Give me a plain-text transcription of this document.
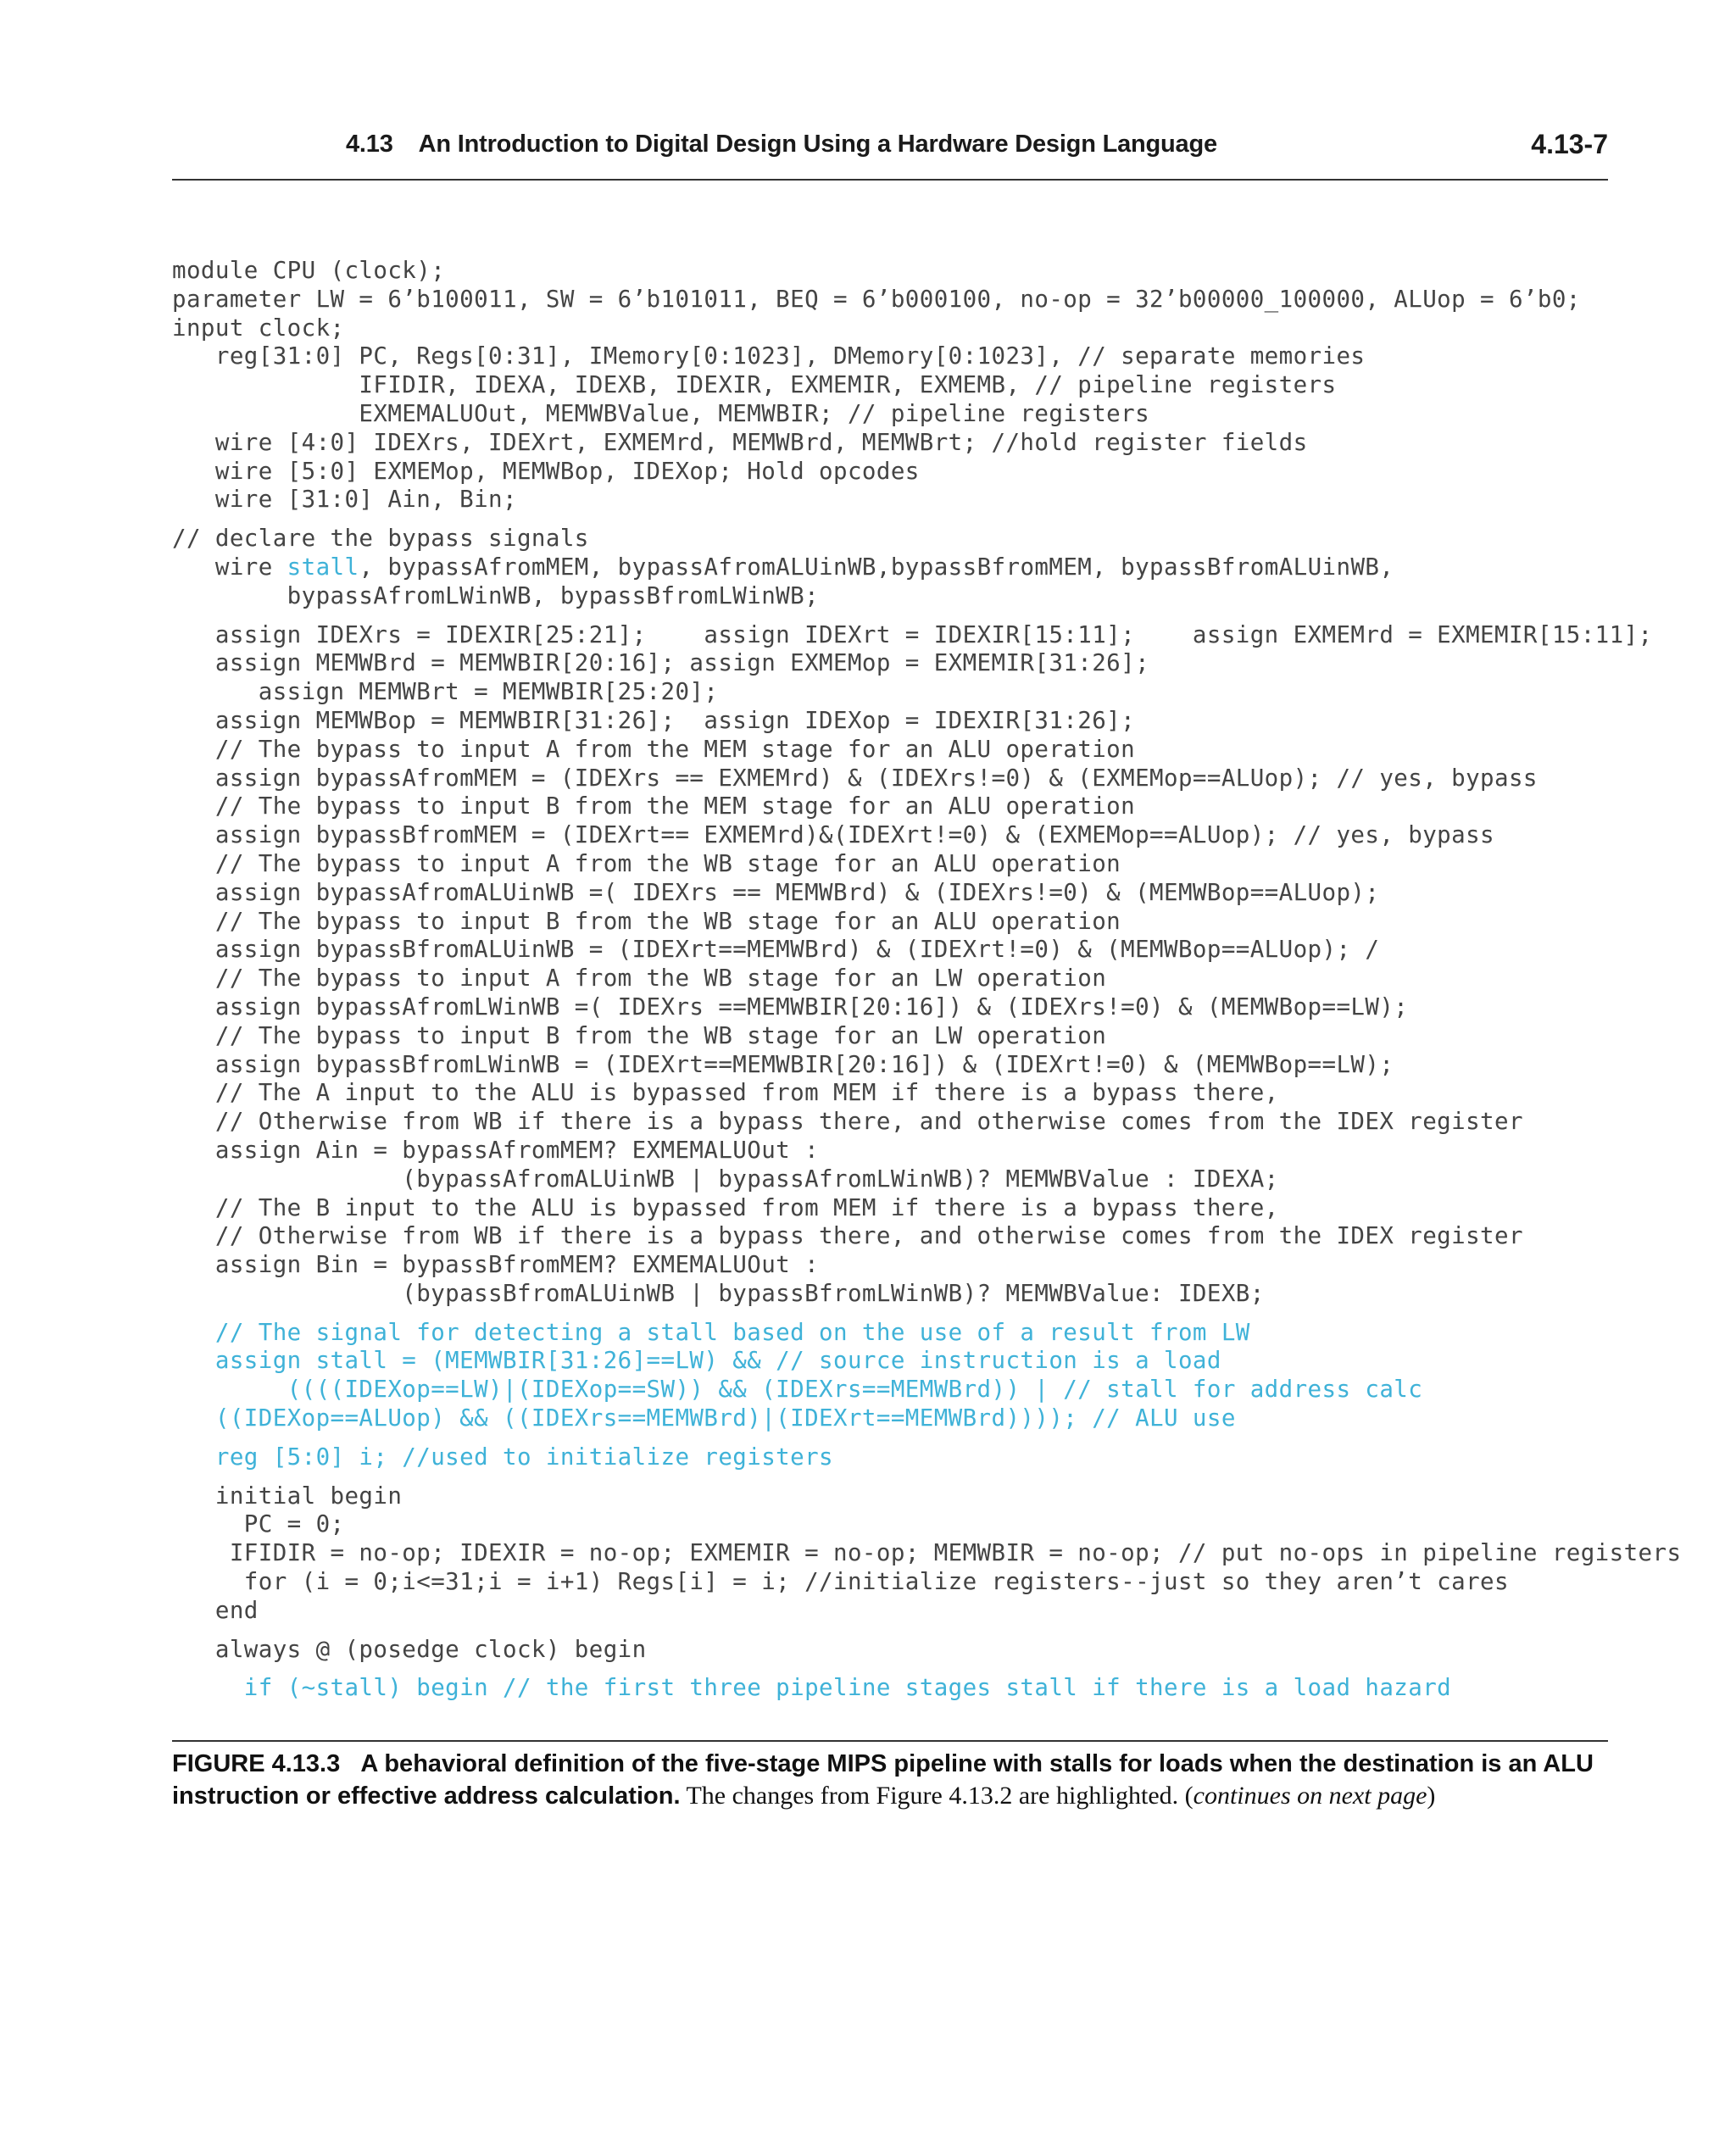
4.13 An Introduction to Digital Design Using a Hardware Design Language	4.13-7
module CPU (clock);
parameter LW = 6’b100011, SW = 6’b101011, BEQ = 6’b000100, no-op = 32’b00000_100000, ALUop = 6’b0;
input clock;
reg[31:0] PC, Regs[0:31], IMemory[0:1023], DMemory[0:1023], // separate memories
IFIDIR, IDEXA, IDEXB, IDEXIR, EXMEMIR, EXMEMB, // pipeline registers
EXMEMALUOut, MEMWBValue, MEMWBIR; // pipeline registers
wire [4:0] IDEXrs, IDEXrt, EXMEMrd, MEMWBrd, MEMWBrt; //hold register fields
wire [5:0] EXMEMop, MEMWBop, IDEXop; Hold opcodes
wire [31:0] Ain, Bin;
// declare the bypass signals
wire stall, bypassAfromMEM, bypassAfromALUinWB,bypassBfromMEM, bypassBfromALUinWB,
bypassAfromLWinWB, bypassBfromLWinWB;
assign IDEXrs = IDEXIR[25:21];    assign IDEXrt = IDEXIR[15:11];    assign EXMEMrd = EXMEMIR[15:11];
assign MEMWBrd = MEMWBIR[20:16]; assign EXMEMop = EXMEMIR[31:26];
assign MEMWBrt = MEMWBIR[25:20];
assign MEMWBop = MEMWBIR[31:26];  assign IDEXop = IDEXIR[31:26];
// The bypass to input A from the MEM stage for an ALU operation
assign bypassAfromMEM = (IDEXrs == EXMEMrd) & (IDEXrs!=0) & (EXMEMop==ALUop); // yes, bypass
// The bypass to input B from the MEM stage for an ALU operation
assign bypassBfromMEM = (IDEXrt== EXMEMrd)&(IDEXrt!=0) & (EXMEMop==ALUop); // yes, bypass
// The bypass to input A from the WB stage for an ALU operation
assign bypassAfromALUinWB =( IDEXrs == MEMWBrd) & (IDEXrs!=0) & (MEMWBop==ALUop);
// The bypass to input B from the WB stage for an ALU operation
assign bypassBfromALUinWB = (IDEXrt==MEMWBrd) & (IDEXrt!=0) & (MEMWBop==ALUop); /
// The bypass to input A from the WB stage for an LW operation
assign bypassAfromLWinWB =( IDEXrs ==MEMWBIR[20:16]) & (IDEXrs!=0) & (MEMWBop==LW);
// The bypass to input B from the WB stage for an LW operation
assign bypassBfromLWinWB = (IDEXrt==MEMWBIR[20:16]) & (IDEXrt!=0) & (MEMWBop==LW);
// The A input to the ALU is bypassed from MEM if there is a bypass there,
// Otherwise from WB if there is a bypass there, and otherwise comes from the IDEX register
assign Ain = bypassAfromMEM? EXMEMALUOut :
(bypassAfromALUinWB | bypassAfromLWinWB)? MEMWBValue : IDEXA;
// The B input to the ALU is bypassed from MEM if there is a bypass there,
// Otherwise from WB if there is a bypass there, and otherwise comes from the IDEX register
assign Bin = bypassBfromMEM? EXMEMALUOut :
(bypassBfromALUinWB | bypassBfromLWinWB)? MEMWBValue: IDEXB;
// The signal for detecting a stall based on the use of a result from LW
assign stall = (MEMWBIR[31:26]==LW) && // source instruction is a load
((((IDEXop==LW)|(IDEXop==SW)) && (IDEXrs==MEMWBrd)) | // stall for address calc
((IDEXop==ALUop) && ((IDEXrs==MEMWBrd)|(IDEXrt==MEMWBrd)))); // ALU use
reg [5:0] i; //used to initialize registers
initial begin
PC = 0;
IFIDIR = no-op; IDEXIR = no-op; EXMEMIR = no-op; MEMWBIR = no-op; // put no-ops in pipeline registers
for (i = 0;i<=31;i = i+1) Regs[i] = i; //initialize registers--just so they aren’t cares
end
always @ (posedge clock) begin
if (~stall) begin // the first three pipeline stages stall if there is a load hazard
FIGURE 4.13.3 A behavioral definition of the five-stage MIPS pipeline with stalls for loads when the destination is an ALU instruction or effective address calculation. The changes from Figure 4.13.2 are highlighted. (continues on next page)
